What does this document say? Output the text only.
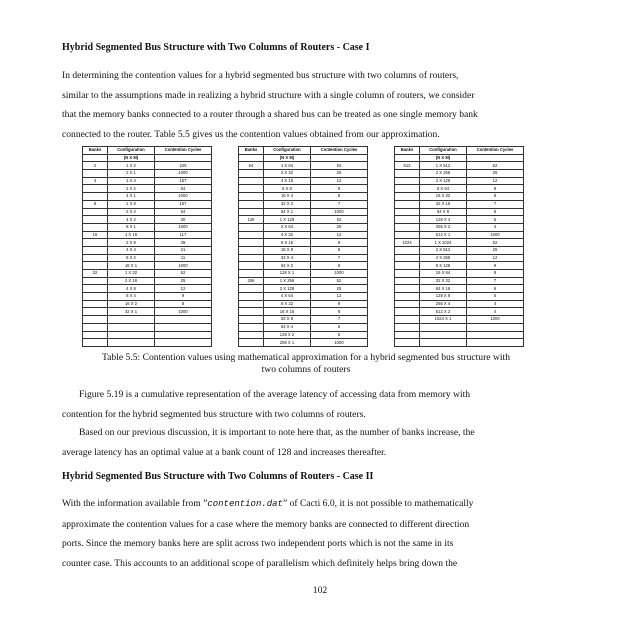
Hybrid Segmented Bus Structure with Two Columns of Routers - Case I
In determining the contention values for a hybrid segmented bus structure with two columns of routers,
similar to the assumptions made in realizing a hybrid structure with a single column of routers, we consider
that the memory banks connected to a router through a shared bus can be treated as one single memory bank
connected to the router. Table 5.5 gives us the contention values obtained from our approximation.
Banks	Configuration	Contention Cycles
	(N X M)	
2	1 X 2	225
	2 X 1	1000
4	1 X 4	157
	2 X 2	54
	4 X 1	1000
8	1 X 8	157
	2 X 4	54
	4 X 2	30
	8 X 1	1000
16	1 X 16	117
	2 X 8	39
	4 X 4	21
	8 X 2	11
	16 X 1	1000
32	1 X 32	52
	2 X 16	25
	4 X 8	12
	8 X 4	9
	16 X 2	8
	32 X 1	1000

Banks	Configuration	Contention Cycles
	(N X M)	
64	1 X 64	52
	2 X 32	25
	4 X 16	12
	8 X 8	9
	16 X 4	8
	32 X 2	7
	64 X 1	1000
128	1 X 128	52
	2 X 64	25
	4 X 32	12
	8 X 16	9
	16 X 8	8
	32 X 4	7
	64 X 2	6
	128 X 1	1000
256	1 X 256	52
	2 X 128	25
	4 X 64	12
	8 X 32	9
	16 X 16	8
	32 X 8	7
	64 X 4	6
	128 X 2	5
	256 X 1	1000
Banks	Configuration	Contention Cycles
	(N X M)	
512	1 X 512	52
	2 X 256	25
	4 X 128	12
	8 X 64	9
	16 X 32	8
	32 X 16	7
	64 X 8	6
	128 X 4	5
	256 X 2	4
	512 X 1	1000
1024	1 X 1024	52
	2 X 512	25
	4 X 256	12
	8 X 128	9
	16 X 64	8
	32 X 32	7
	64 X 16	6
	128 X 8	5
	256 X 4	4
	512 X 2	4
	1024 X 1	1000

Table 5.5: Contention values using mathematical approximation for a hybrid segmented bus structure with
two columns of routers
Figure 5.19 is a cumulative representation of the average latency of accessing data from memory with
contention for the hybrid segmented bus structure with two columns of routers.
Based on our previous discussion, it is important to note here that, as the number of banks increase, the
average latency has an optimal value at a bank count of 128 and increases thereafter.
Hybrid Segmented Bus Structure with Two Columns of Routers - Case II
With the information available from ”contention.dat” of Cacti 6.0, it is not possible to mathematically
approximate the contention values for a case where the memory banks are connected to different direction
ports. Since the memory banks here are split across two independent ports which is not the same in its
counter case. This accounts to an additional scope of parallelism which definitely helps bring down the
102
